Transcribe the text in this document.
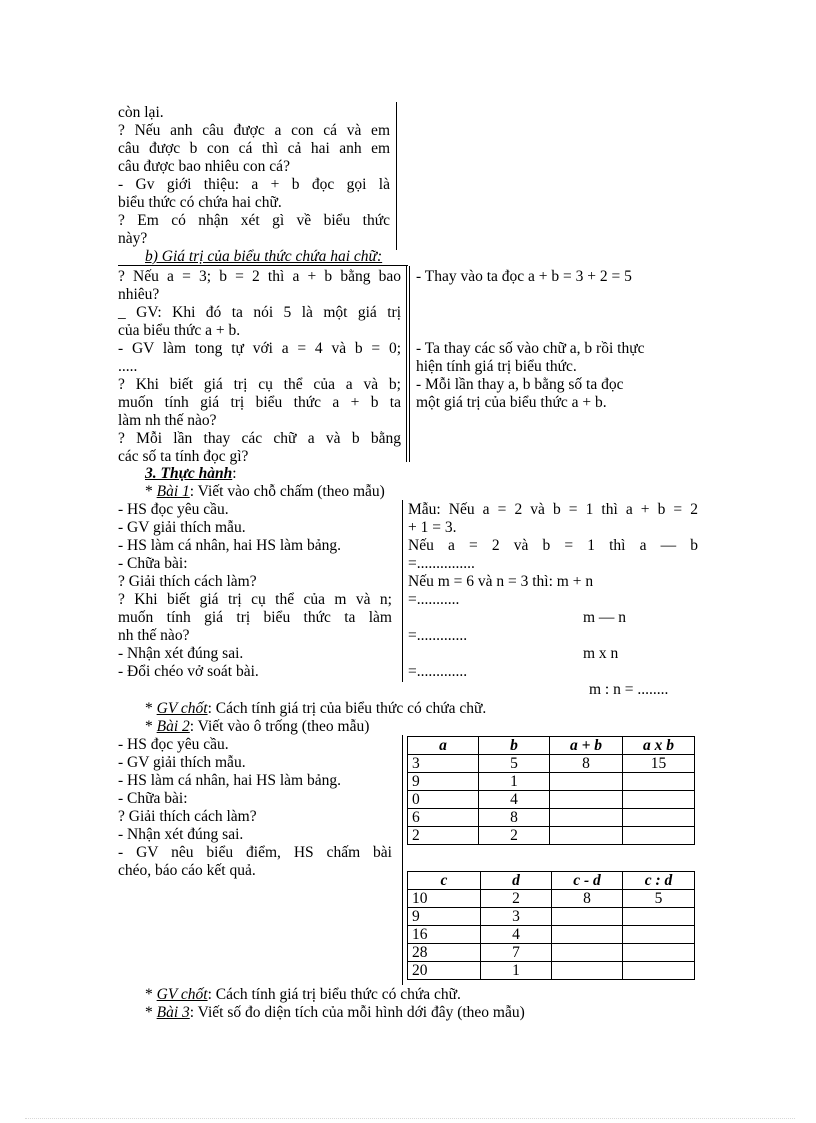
còn lại.
? Nếu anh câu được a con cá và em
câu được b con cá thì cả hai anh em
câu được bao nhiêu con cá?
- Gv giới thiệu: a + b đọc gọi là
biểu thức có chứa hai chữ.
? Em có nhận xét gì về biểu thức
này?
b) Giá trị của biểu thức chứa hai chữ:
? Nếu a = 3; b = 2 thì a + b bằng bao
nhiêu?
_ GV: Khi đó ta nói 5 là một giá trị
của biểu thức a + b.
- GV làm tong tự với a = 4 và b = 0;
.....
? Khi biết giá trị cụ thể của a và b;
muốn tính giá trị biểu thức a + b ta
làm nh thế nào?
? Mỗi lần thay các chữ a và b bằng
các số ta tính đọc gì?
- Thay vào ta đọc a + b = 3 + 2 = 5
- Ta thay các số vào chữ a, b rồi thực
hiện tính giá trị biểu thức.
- Mỗi lần thay a, b bằng số ta đọc
một giá trị của biểu thức a + b.
3. Thực hành:
* Bài 1: Viết vào chỗ chấm (theo mẫu)
- HS đọc yêu cầu.
- GV giải thích mẫu.
- HS làm cá nhân, hai HS làm bảng.
- Chữa bài:
? Giải thích cách làm?
? Khi biết giá trị cụ thể của m và n;
muốn tính giá trị biểu thức ta làm
nh thế nào?
- Nhận xét đúng sai.
- Đổi chéo vở soát bài.
Mẫu: Nếu a = 2 và b = 1 thì a + b = 2
+ 1 = 3.
Nếu a = 2 và b = 1 thì a — b
=...............
Nếu m = 6 và n = 3 thì: m + n
=...........
m — n
=.............
m x n
=.............
m : n = ........
* GV chốt: Cách tính giá trị của biểu thức có chứa chữ.
* Bài 2: Viết vào ô trống (theo mẫu)
- HS đọc yêu cầu.
- GV giải thích mẫu.
- HS làm cá nhân, hai HS làm bảng.
- Chữa bài:
? Giải thích cách làm?
- Nhận xét đúng sai.
- GV nêu biểu điểm, HS chấm bài
chéo, báo cáo kết quả.
a	b	a + b	a x b
3	5	8	15
9	1		
0	4		
6	8		
2	2		
c	d	c - d	c : d
10	2	8	5
9	3		
16	4		
28	7		
20	1		
* GV chốt: Cách tính giá trị biểu thức có chứa chữ.
* Bài 3: Viết số đo diện tích của mỗi hình dới đây (theo mẫu)
